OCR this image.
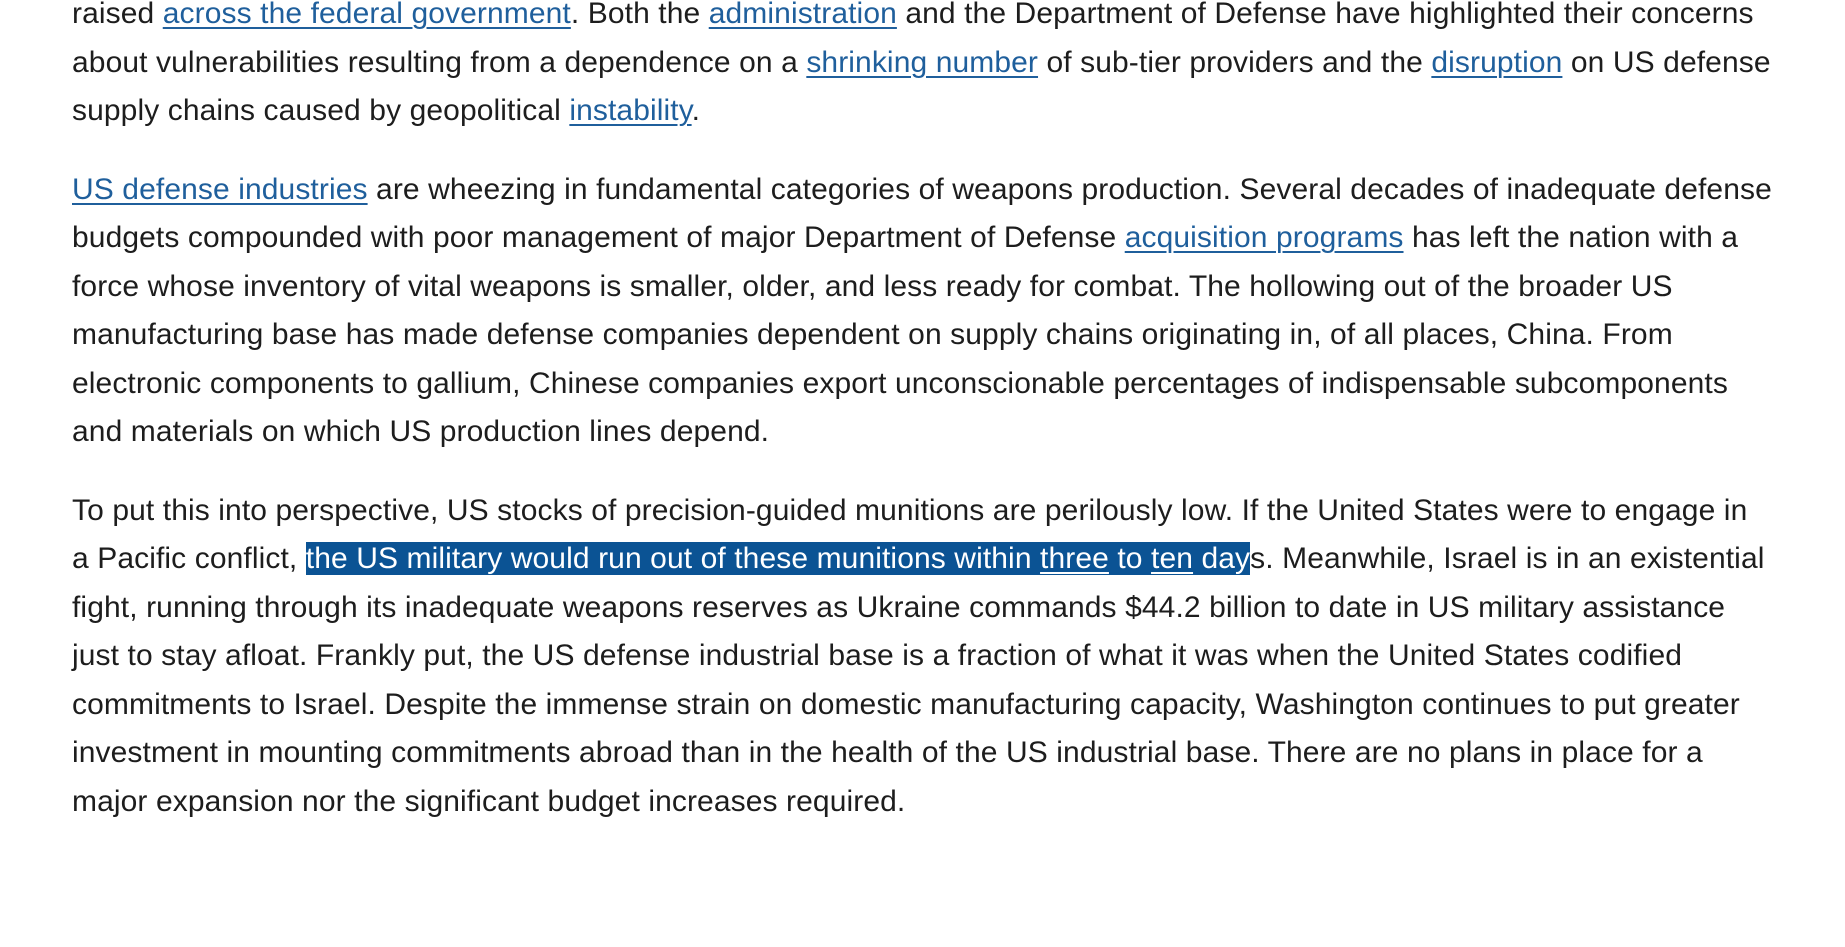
raised across the federal government. Both the administration and the Department of Defense have highlighted their concerns about vulnerabilities resulting from a dependence on a shrinking number of sub-tier providers and the disruption on US defense supply chains caused by geopolitical instability.

US defense industries are wheezing in fundamental categories of weapons production. Several decades of inadequate defense budgets compounded with poor management of major Department of Defense acquisition programs has left the nation with a force whose inventory of vital weapons is smaller, older, and less ready for combat. The hollowing out of the broader US manufacturing base has made defense companies dependent on supply chains originating in, of all places, China. From electronic components to gallium, Chinese companies export unconscionable percentages of indispensable subcomponents and materials on which US production lines depend.

To put this into perspective, US stocks of precision-guided munitions are perilously low. If the United States were to engage in a Pacific conflict, the US military would run out of these munitions within three to ten days. Meanwhile, Israel is in an existential fight, running through its inadequate weapons reserves as Ukraine commands $44.2 billion to date in US military assistance just to stay afloat. Frankly put, the US defense industrial base is a fraction of what it was when the United States codified commitments to Israel. Despite the immense strain on domestic manufacturing capacity, Washington continues to put greater investment in mounting commitments abroad than in the health of the US industrial base. There are no plans in place for a major expansion nor the significant budget increases required.
